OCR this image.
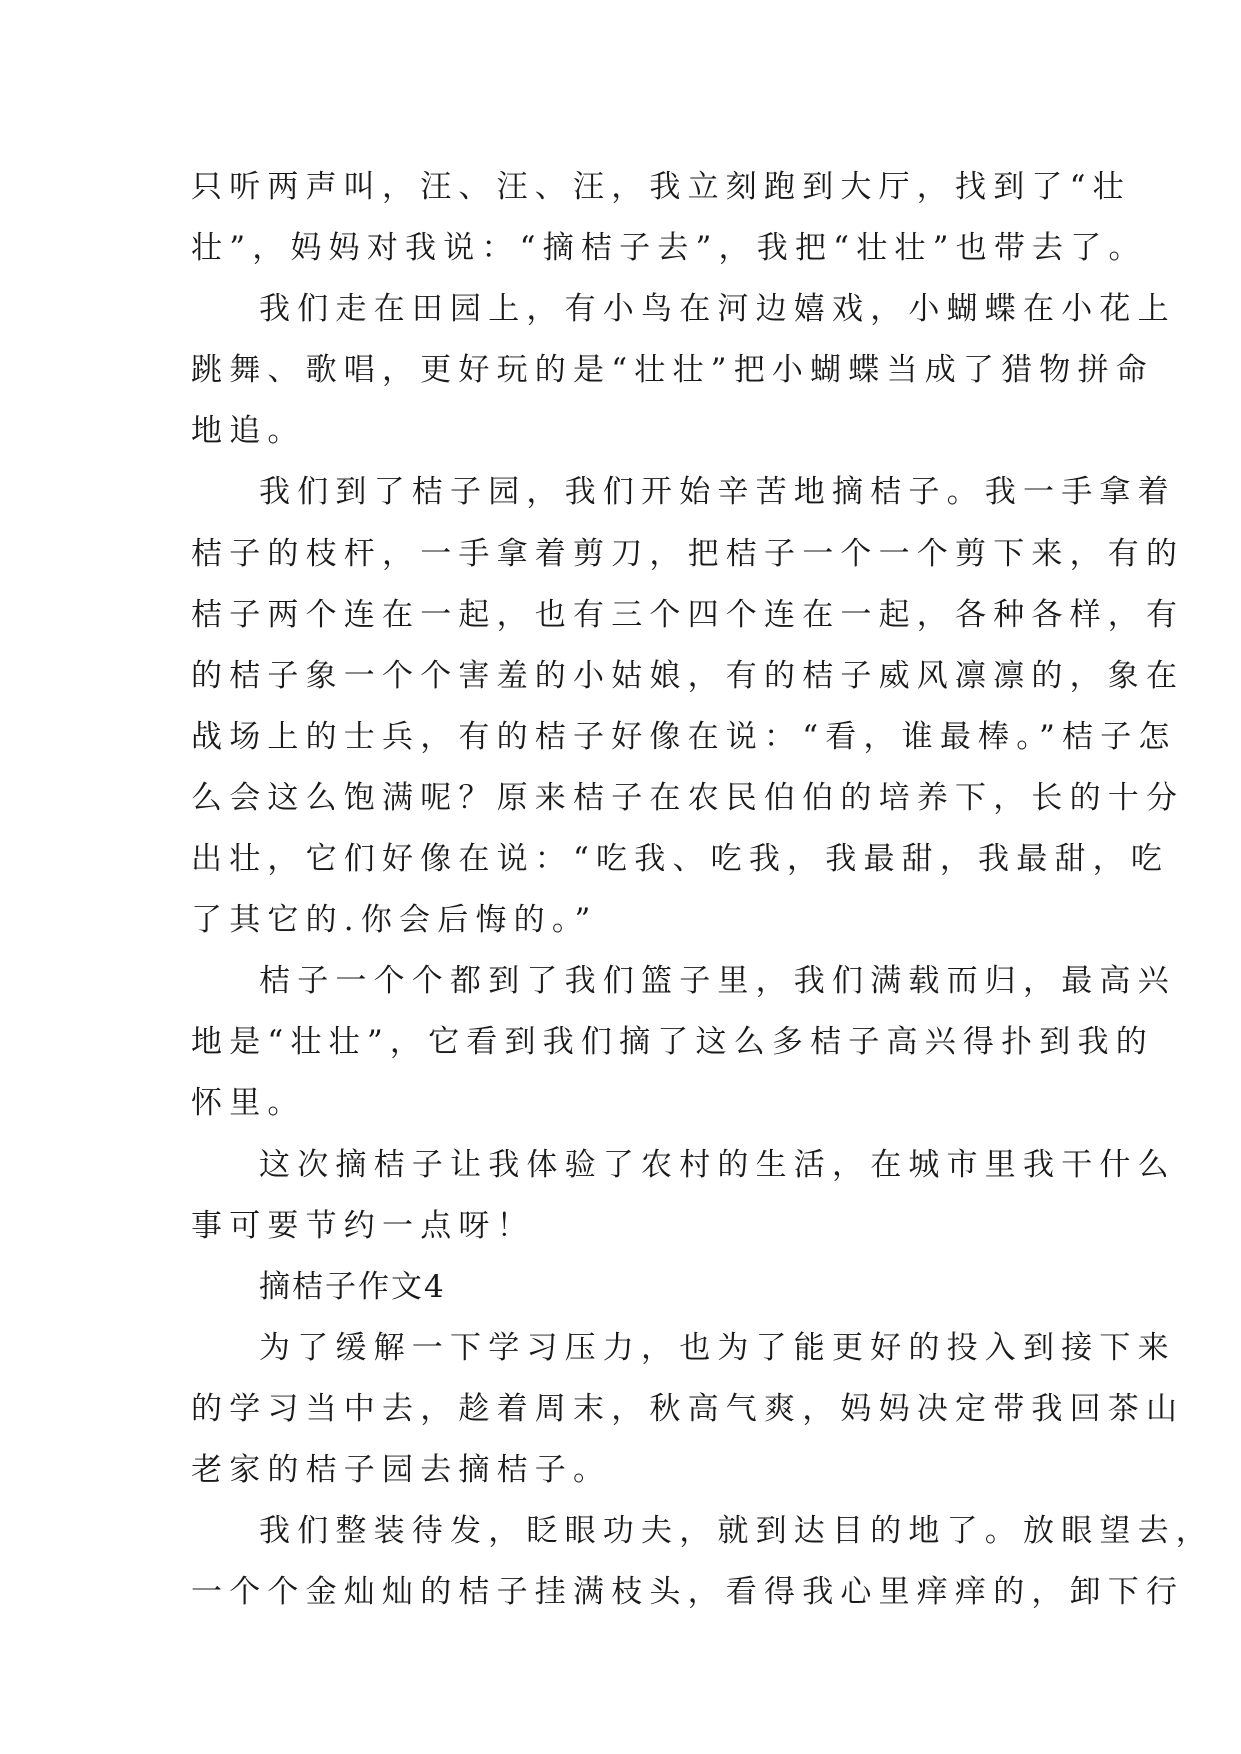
只听两声叫，汪、汪、汪，我立刻跑到大厅，找到了“壮
壮”，妈妈对我说：“摘桔子去”，我把“壮壮”也带去了。
我们走在田园上，有小鸟在河边嬉戏，小蝴蝶在小花上
跳舞、歌唱，更好玩的是“壮壮”把小蝴蝶当成了猎物拼命
地追。
我们到了桔子园，我们开始辛苦地摘桔子。我一手拿着
桔子的枝杆，一手拿着剪刀，把桔子一个一个剪下来，有的
桔子两个连在一起，也有三个四个连在一起，各种各样，有
的桔子象一个个害羞的小姑娘，有的桔子威风凛凛的，象在
战场上的士兵，有的桔子好像在说：“看，谁最棒。”桔子怎
么会这么饱满呢？原来桔子在农民伯伯的培养下，长的十分
出壮，它们好像在说：“吃我、吃我，我最甜，我最甜，吃
了其它的.你会后悔的。”
桔子一个个都到了我们篮子里，我们满载而归，最高兴
地是“壮壮”，它看到我们摘了这么多桔子高兴得扑到我的
怀里。
这次摘桔子让我体验了农村的生活，在城市里我干什么
事可要节约一点呀！
摘桔子作文4
为了缓解一下学习压力，也为了能更好的投入到接下来
的学习当中去，趁着周末，秋高气爽，妈妈决定带我回茶山
老家的桔子园去摘桔子。
我们整装待发，眨眼功夫，就到达目的地了。放眼望去，
一个个金灿灿的桔子挂满枝头，看得我心里痒痒的，卸下行
